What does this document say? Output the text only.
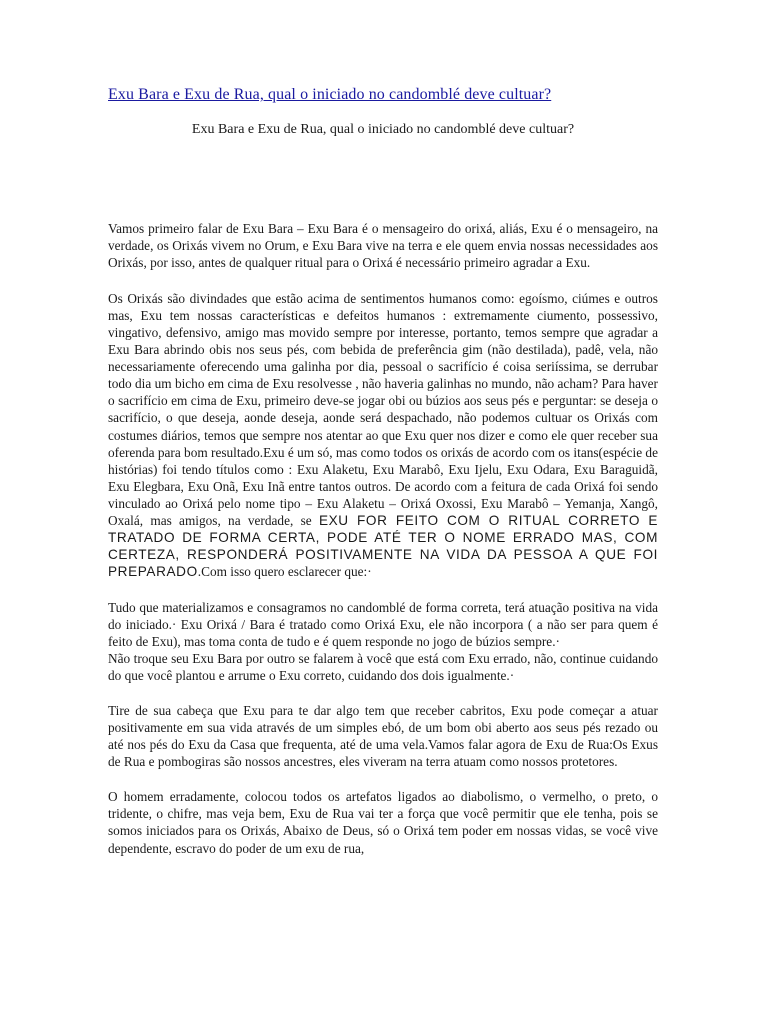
Exu Bara e Exu de Rua, qual o iniciado no candomblé deve cultuar?

Exu Bara e Exu de Rua, qual o iniciado no candomblé deve cultuar?

Vamos primeiro falar de Exu Bara – Exu Bara é o mensageiro do orixá, aliás, Exu é o mensageiro, na verdade, os Orixás vivem no Orum, e Exu Bara vive na terra e ele quem envia nossas necessidades aos Orixás, por isso, antes de qualquer ritual para o Orixá é necessário primeiro agradar a Exu.

Os Orixás são divindades que estão acima de sentimentos humanos como: egoísmo, ciúmes e outros mas, Exu tem nossas características e defeitos humanos : extremamente ciumento, possessivo, vingativo, defensivo, amigo mas movido sempre por interesse, portanto, temos sempre que agradar a Exu Bara abrindo obis nos seus pés, com bebida de preferência gim (não destilada), padê, vela, não necessariamente oferecendo uma galinha por dia, pessoal o sacrifício é coisa seriíssima, se derrubar todo dia um bicho em cima de Exu resolvesse , não haveria galinhas no mundo, não acham? Para haver o sacrifício em cima de Exu, primeiro deve-se jogar obi ou búzios aos seus pés e perguntar: se deseja o sacrifício, o que deseja, aonde deseja, aonde será despachado, não podemos cultuar os Orixás com costumes diários, temos que sempre nos atentar ao que Exu quer nos dizer e como ele quer receber sua oferenda para bom resultado.Exu é um só, mas como todos os orixás de acordo com os itans(espécie de histórias) foi tendo títulos como : Exu Alaketu, Exu Marabô, Exu Ijelu, Exu Odara, Exu Baraguidã, Exu Elegbara, Exu Onã, Exu Inã entre tantos outros. De acordo com a feitura de cada Orixá foi sendo vinculado ao Orixá pelo nome tipo – Exu Alaketu – Orixá Oxossi, Exu Marabô – Yemanja, Xangô, Oxalá, mas amigos, na verdade, se EXU FOR FEITO COM O RITUAL CORRETO E TRATADO DE FORMA CERTA, PODE ATÉ TER O NOME ERRADO MAS, COM CERTEZA, RESPONDERÁ POSITIVAMENTE NA VIDA DA PESSOA A QUE FOI PREPARADO.Com isso quero esclarecer que:·

Tudo que materializamos e consagramos no candomblé de forma correta, terá atuação positiva na vida do iniciado.· Exu Orixá / Bara é tratado como Orixá Exu, ele não incorpora ( a não ser para quem é feito de Exu), mas toma conta de tudo e é quem responde no jogo de búzios sempre.·

Não troque seu Exu Bara por outro se falarem à você que está com Exu errado, não, continue cuidando do que você plantou e arrume o Exu correto, cuidando dos dois igualmente.·

Tire de sua cabeça que Exu para te dar algo tem que receber cabritos, Exu pode começar a atuar positivamente em sua vida através de um simples ebó, de um bom obi aberto aos seus pés rezado ou até nos pés do Exu da Casa que frequenta, até de uma vela.Vamos falar agora de Exu de Rua:Os Exus de Rua e pombogiras são nossos ancestres, eles viveram na terra atuam como nossos protetores.

O homem erradamente, colocou todos os artefatos ligados ao diabolismo, o vermelho, o preto, o tridente, o chifre, mas veja bem, Exu de Rua vai ter a força que você permitir que ele tenha, pois se somos iniciados para os Orixás, Abaixo de Deus, só o Orixá tem poder em nossas vidas, se você vive dependente, escravo do poder de um exu de rua,
